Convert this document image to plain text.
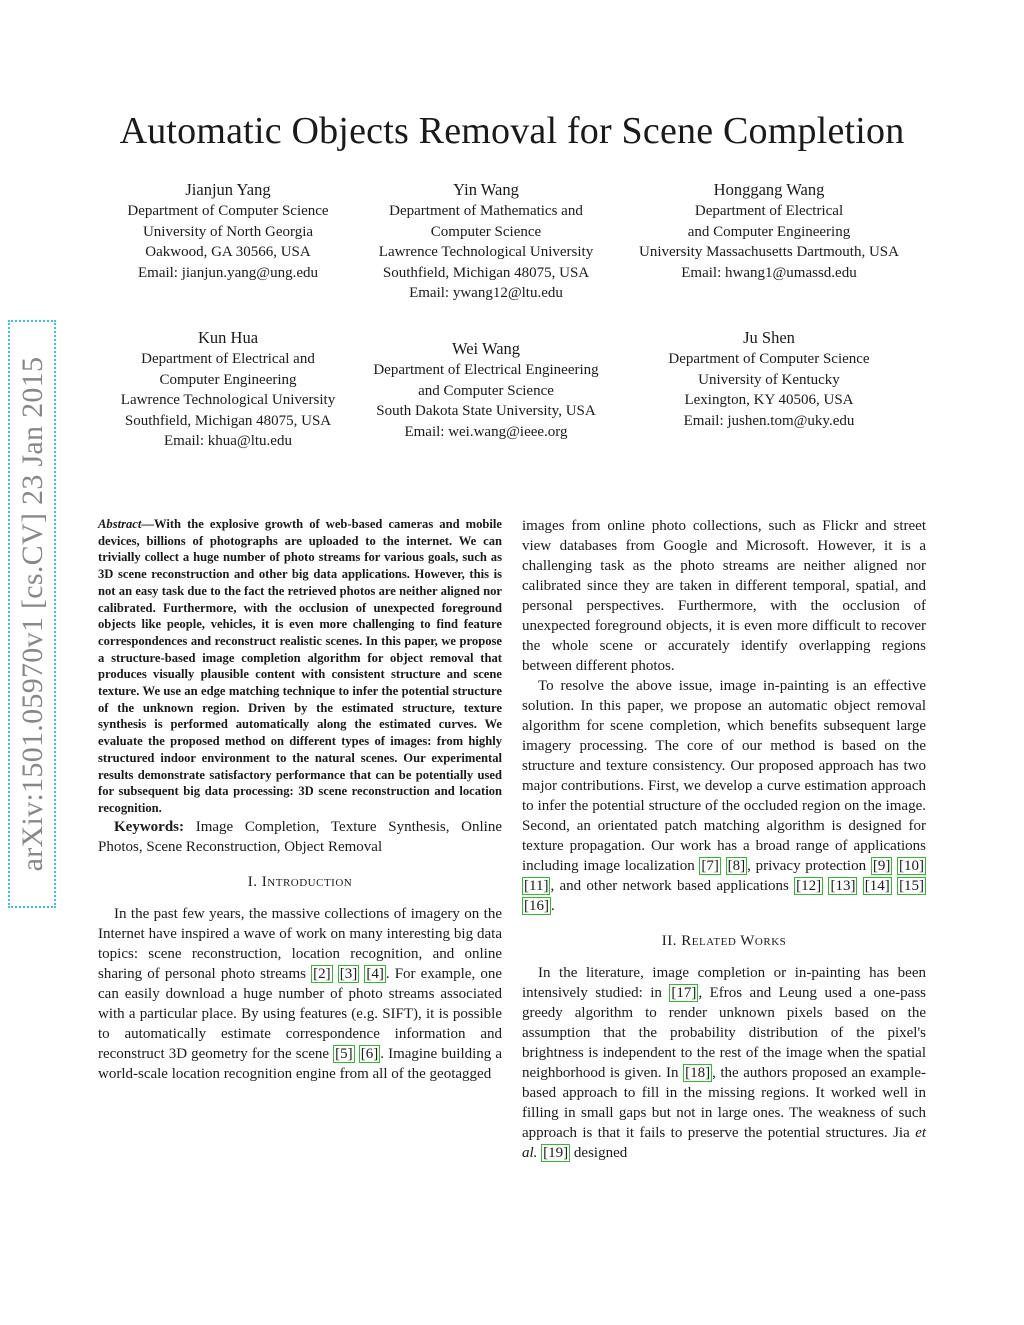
Automatic Objects Removal for Scene Completion
Jianjun Yang
Department of Computer Science
University of North Georgia
Oakwood, GA 30566, USA
Email: jianjun.yang@ung.edu
Yin Wang
Department of Mathematics and
Computer Science
Lawrence Technological University
Southfield, Michigan 48075, USA
Email: ywang12@ltu.edu
Honggang Wang
Department of Electrical
and Computer Engineering
University Massachusetts Dartmouth, USA
Email: hwang1@umassd.edu
Kun Hua
Department of Electrical and
Computer Engineering
Lawrence Technological University
Southfield, Michigan 48075, USA
Email: khua@ltu.edu
Wei Wang
Department of Electrical Engineering
and Computer Science
South Dakota State University, USA
Email: wei.wang@ieee.org
Ju Shen
Department of Computer Science
University of Kentucky
Lexington, KY 40506, USA
Email: jushen.tom@uky.edu
arXiv:1501.05970v1 [cs.CV] 23 Jan 2015	Abstract—With the explosive growth of web-based cameras and mobile devices, billions of photographs are uploaded to the internet. We can trivially collect a huge number of photo streams for various goals, such as 3D scene reconstruction and other big data applications. However, this is not an easy task due to the fact the retrieved photos are neither aligned nor calibrated. Furthermore, with the occlusion of unexpected foreground objects like people, vehicles, it is even more challenging to find feature correspondences and reconstruct realistic scenes. In this paper, we propose a structure-based image completion algorithm for object removal that produces visually plausible content with consistent structure and scene texture. We use an edge matching technique to infer the potential structure of the unknown region. Driven by the estimated structure, texture synthesis is performed automatically along the estimated curves. We evaluate the proposed method on different types of images: from highly structured indoor environment to the natural scenes. Our experimental results demonstrate satisfactory performance that can be potentially used for subsequent big data processing: 3D scene reconstruction and location recognition.

Keywords: Image Completion, Texture Synthesis, Online Photos, Scene Reconstruction, Object Removal

I. Introduction

In the past few years, the massive collections of imagery on the Internet have inspired a wave of work on many interesting big data topics: scene reconstruction, location recognition, and online sharing of personal photo streams [2] [3] [4] . For example, one can easily download a huge number of photo streams associated with a particular place. By using features (e.g. SIFT), it is possible to automatically estimate correspondence information and reconstruct 3D geometry for the scene [5] [6] . Imagine building a world-scale location recognition engine from all of the geotagged

images from online photo collections, such as Flickr and street view databases from Google and Microsoft. However, it is a challenging task as the photo streams are neither aligned nor calibrated since they are taken in different temporal, spatial, and personal perspectives. Furthermore, with the occlusion of unexpected foreground objects, it is even more difficult to recover the whole scene or accurately identify overlapping regions between different photos.

To resolve the above issue, image in-painting is an effective solution. In this paper, we propose an automatic object removal algorithm for scene completion, which benefits subsequent large imagery processing. The core of our method is based on the structure and texture consistency. Our proposed approach has two major contributions. First, we develop a curve estimation approach to infer the potential structure of the occluded region on the image. Second, an orientated patch matching algorithm is designed for texture propagation. Our work has a broad range of applications including image localization [7] [8] , privacy protection [9] [10] [11] , and other network based applications [12] [13] [14] [15] [16] .

II. Related Works

In the literature, image completion or in-painting has been intensively studied: in [17] , Efros and Leung used a one-pass greedy algorithm to render unknown pixels based on the assumption that the probability distribution of the pixel's brightness is independent to the rest of the image when the spatial neighborhood is given. In [18] , the authors proposed an example-based approach to fill in the missing regions. It worked well in filling in small gaps but not in large ones. The weakness of such approach is that it fails to preserve the potential structures. Jia et al. [19] designed
